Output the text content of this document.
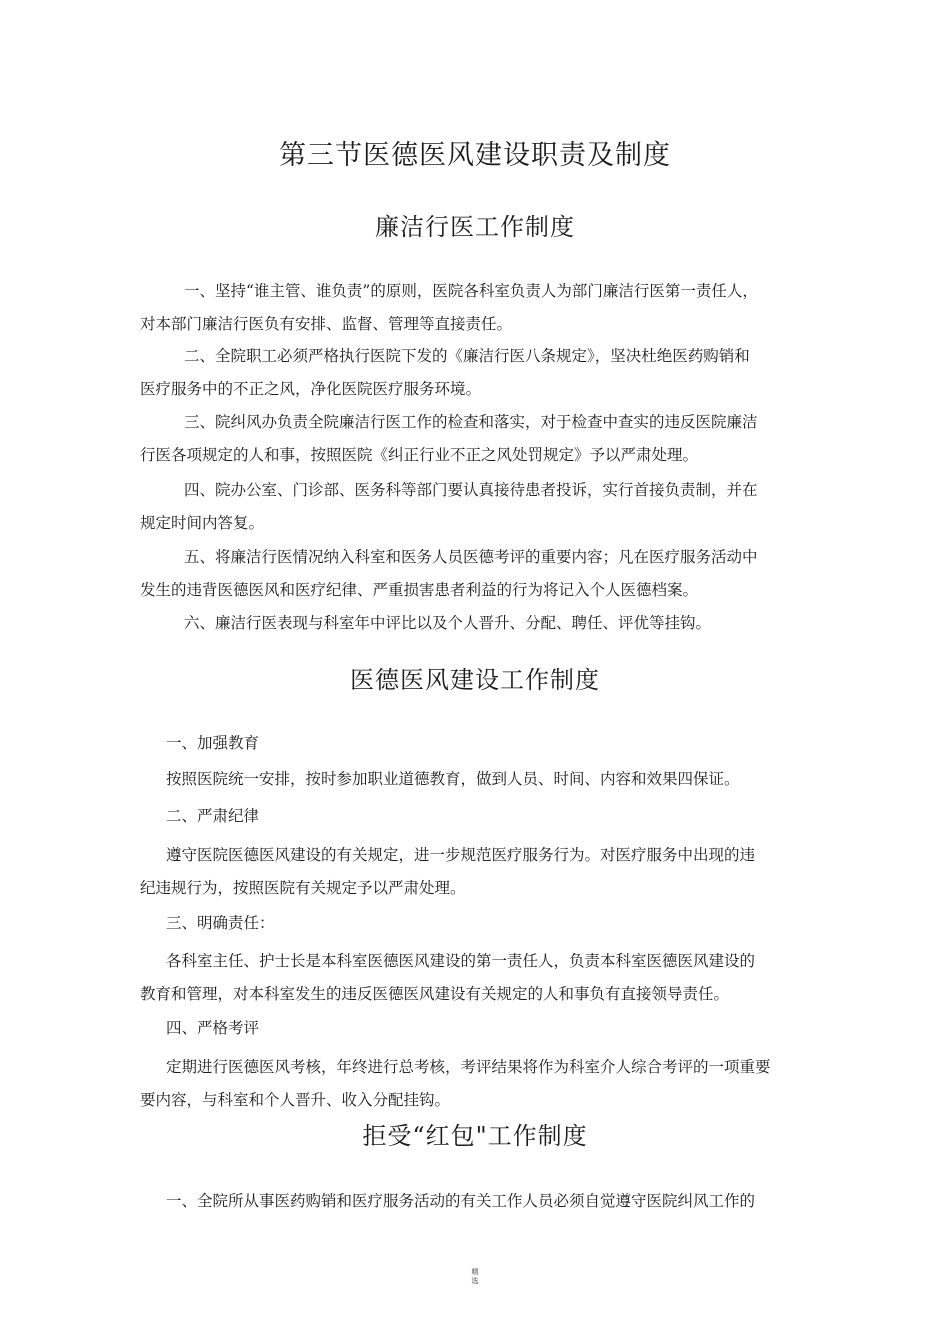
第三节医德医风建设职责及制度
廉洁行医工作制度

一、坚持“谁主管、谁负责”的原则，医院各科室负责人为部门廉洁行医第一责任人，
对本部门廉洁行医负有安排、监督、管理等直接责任。

二、全院职工必须严格执行医院下发的《廉洁行医八条规定》，坚决杜绝医药购销和
医疗服务中的不正之风，净化医院医疗服务环境。

三、院纠风办负责全院廉洁行医工作的检查和落实，对于检查中查实的违反医院廉洁
行医各项规定的人和事，按照医院《纠正行业不正之风处罚规定》予以严肃处理。

四、院办公室、门诊部、医务科等部门要认真接待患者投诉，实行首接负责制，并在
规定时间内答复。

五、将廉洁行医情况纳入科室和医务人员医德考评的重要内容；凡在医疗服务活动中
发生的违背医德医风和医疗纪律、严重损害患者利益的行为将记入个人医德档案。

六、廉洁行医表现与科室年中评比以及个人晋升、分配、聘任、评优等挂钩。

医德医风建设工作制度

一、加强教育

按照医院统一安排，按时参加职业道德教育，做到人员、时间、内容和效果四保证。

二、严肃纪律

遵守医院医德医风建设的有关规定，进一步规范医疗服务行为。对医疗服务中出现的违
纪违规行为，按照医院有关规定予以严肃处理。

三、明确责任：

各科室主任、护士长是本科室医德医风建设的第一责任人，负责本科室医德医风建设的
教育和管理，对本科室发生的违反医德医风建设有关规定的人和事负有直接领导责任。

四、严格考评

定期进行医德医风考核，年终进行总考核，考评结果将作为科室介人综合考评的一项重要
要内容，与科室和个人晋升、收入分配挂钩。

拒受“红包"工作制度

一、全院所从事医药购销和医疗服务活动的有关工作人员必须自觉遵守医院纠风工作的

精
选
